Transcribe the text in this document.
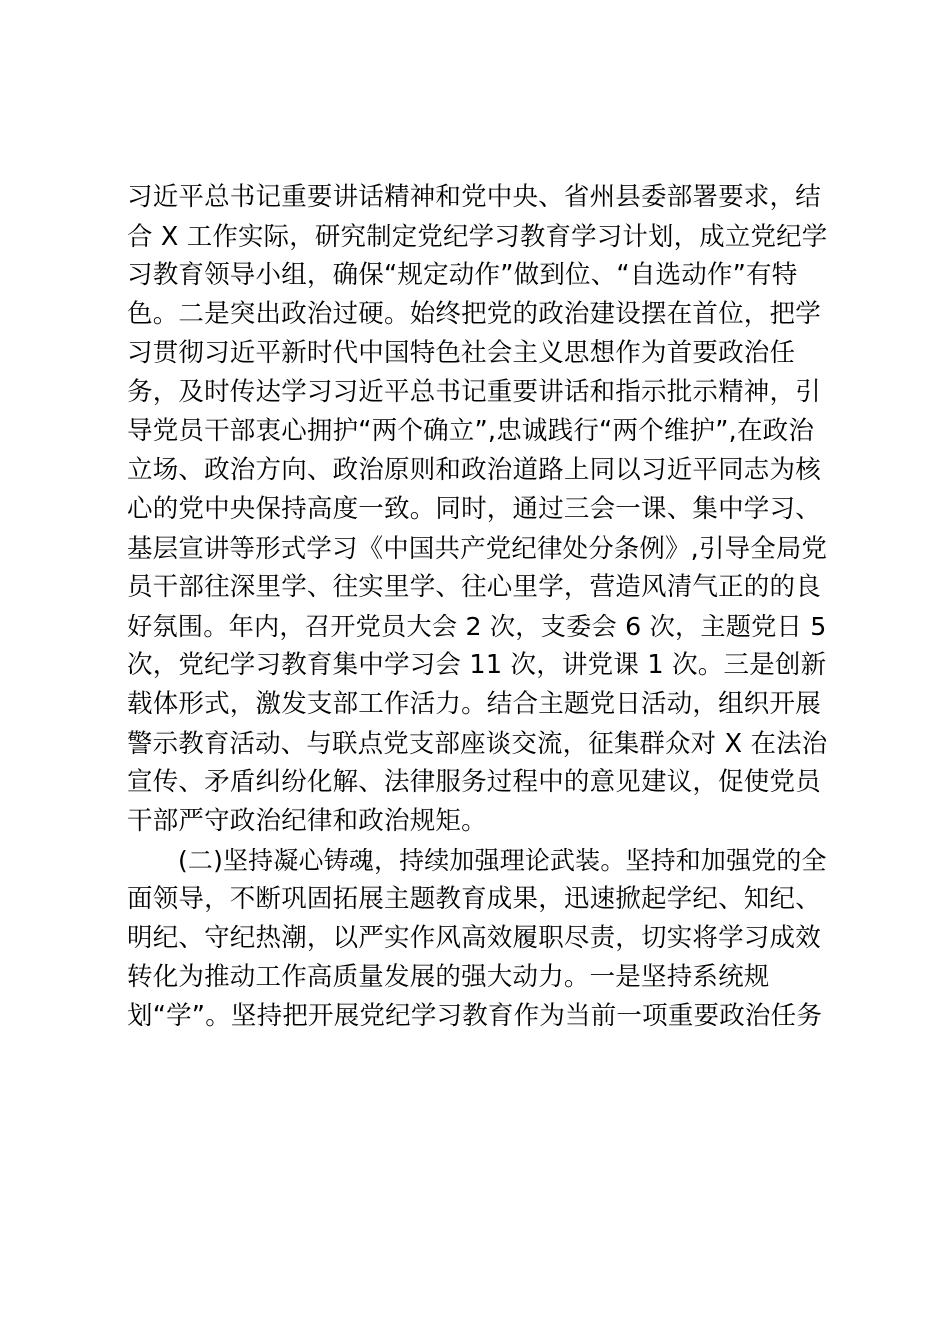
习近平总书记重要讲话精神和党中央、省州县委部署要求，结
合 X 工作实际，研究制定党纪学习教育学习计划，成立党纪学
习教育领导小组，确保“规定动作”做到位、“自选动作”有特
色。二是突出政治过硬。始终把党的政治建设摆在首位，把学
习贯彻习近平新时代中国特色社会主义思想作为首要政治任
务，及时传达学习习近平总书记重要讲话和指示批示精神，引
导党员干部衷心拥护“两个确立”,忠诚践行“两个维护”,在政治
立场、政治方向、政治原则和政治道路上同以习近平同志为核
心的党中央保持高度一致。同时，通过三会一课、集中学习、
基层宣讲等形式学习《中国共产党纪律处分条例》,引导全局党
员干部往深里学、往实里学、往心里学，营造风清气正的的良
好氛围。年内，召开党员大会 2 次，支委会 6 次，主题党日 5
次，党纪学习教育集中学习会 11 次，讲党课 1 次。三是创新
载体形式，激发支部工作活力。结合主题党日活动，组织开展
警示教育活动、与联点党支部座谈交流，征集群众对 X 在法治
宣传、矛盾纠纷化解、法律服务过程中的意见建议，促使党员
干部严守政治纪律和政治规矩。
(二)坚持凝心铸魂，持续加强理论武装。坚持和加强党的全
面领导，不断巩固拓展主题教育成果，迅速掀起学纪、知纪、
明纪、守纪热潮，以严实作风高效履职尽责，切实将学习成效
转化为推动工作高质量发展的强大动力。一是坚持系统规
划“学”。坚持把开展党纪学习教育作为当前一项重要政治任务
